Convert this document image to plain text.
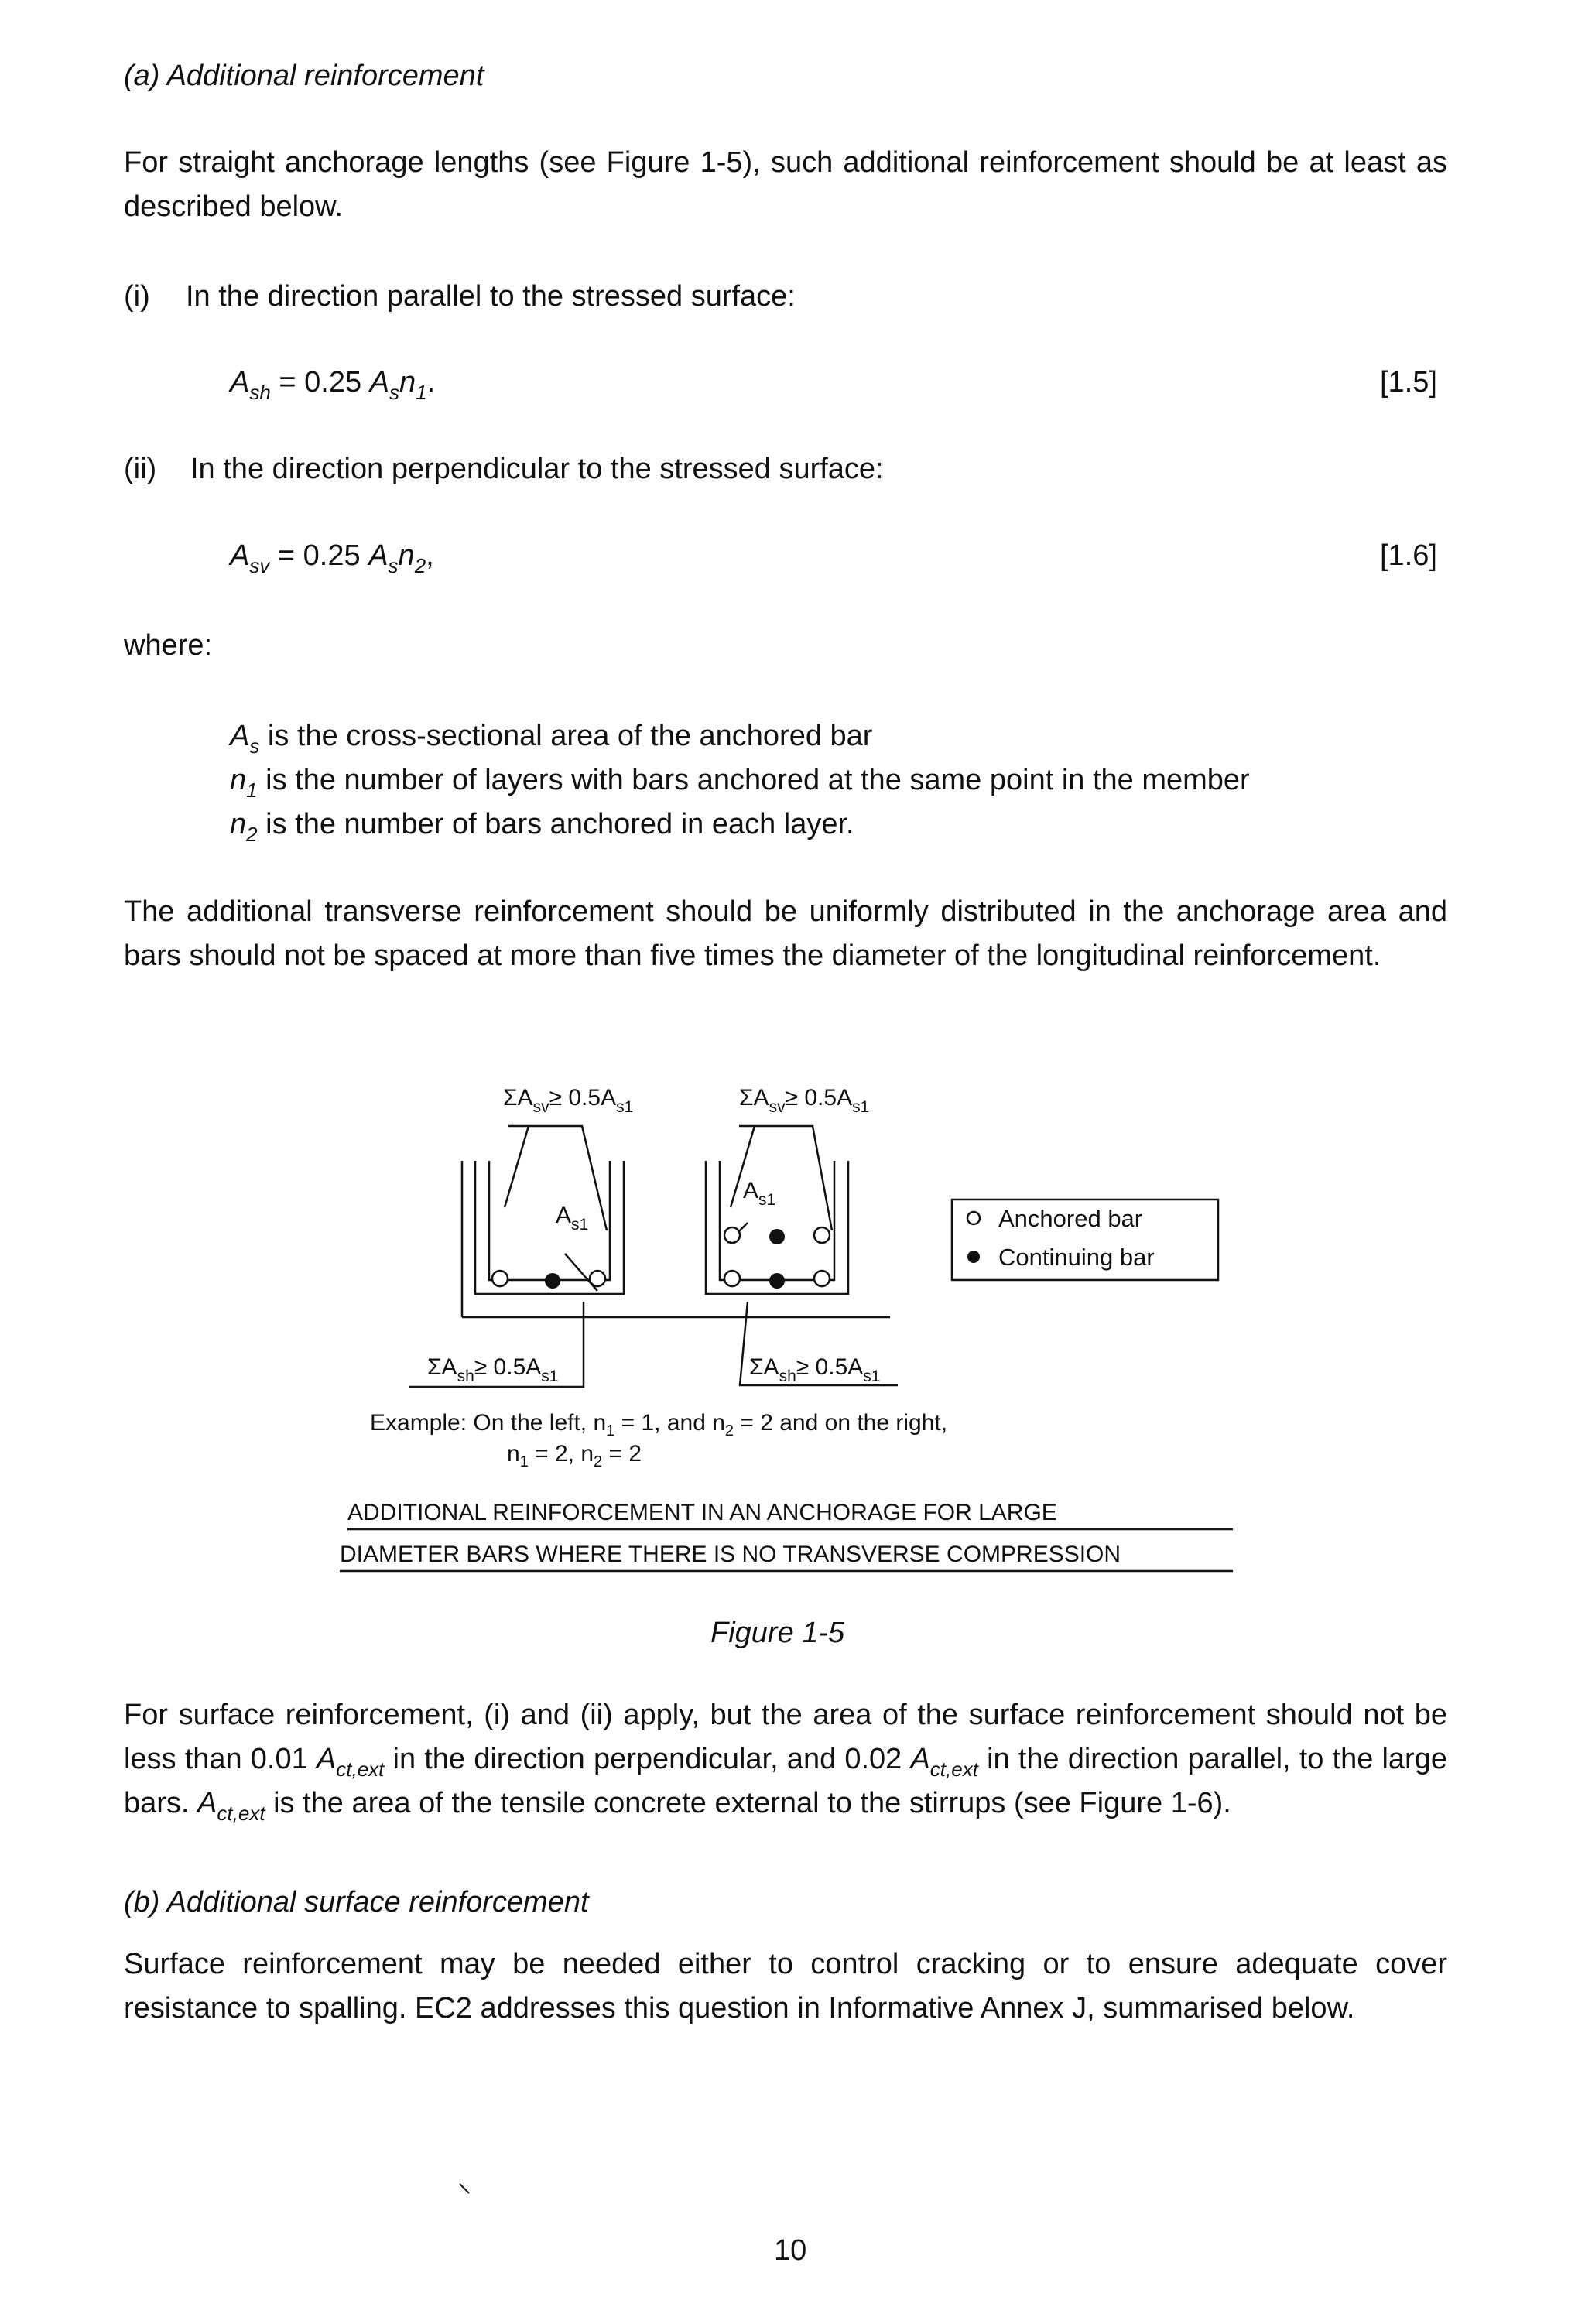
(a) Additional reinforcement
For straight anchorage lengths (see Figure 1-5), such additional reinforcement should be at least as described below.
(i) In the direction parallel to the stressed surface:
$A_{sh} = 0.25$ $A_sn_1$.	[1.5]
(ii) In the direction perpendicular to the stressed surface:
$A_{sv} = 0.25$ $A_sn_2$,	[1.6]
where:
$A_s$ is the cross-sectional area of the anchored bar
$n_1$ is the number of layers with bars anchored at the same point in the member
$n_2$ is the number of bars anchored in each layer.
The additional transverse reinforcement should be uniformly distributed in the anchorage area and bars should not be spaced at more than five times the diameter of the longitudinal reinforcement.
$\Sigma A_{sv}\ge 0.5A_{s1}$	$\Sigma A_{sv}\ge 0.5A_{s1}$
$A_{s1}$
$A_{s1}$
$\Sigma A_{sh}\ge 0.5A_{s1}$	$\Sigma A_{sh}\ge 0.5A_{s1}$
Anchored bar
Continuing bar
Example: On the left, $n_1 = 1$, and $n_2 = 2$ and on the right,
$n_1 = 2$, $n_2 = 2$
ADDITIONAL REINFORCEMENT IN AN ANCHORAGE FOR LARGE
DIAMETER BARS WHERE THERE IS NO TRANSVERSE COMPRESSION
Figure 1-5
For surface reinforcement, (i) and (ii) apply, but the area of the surface reinforcement should not be less than 0.01 $A_{ct,ext}$ in the direction perpendicular, and 0.02 $A_{ct,ext}$ in the direction parallel, to the large bars. $A_{ct,ext}$ is the area of the tensile concrete external to the stirrups (see Figure 1-6).
(b) Additional surface reinforcement
Surface reinforcement may be needed either to control cracking or to ensure adequate cover resistance to spalling. EC2 addresses this question in Informative Annex J, summarised below.
10
